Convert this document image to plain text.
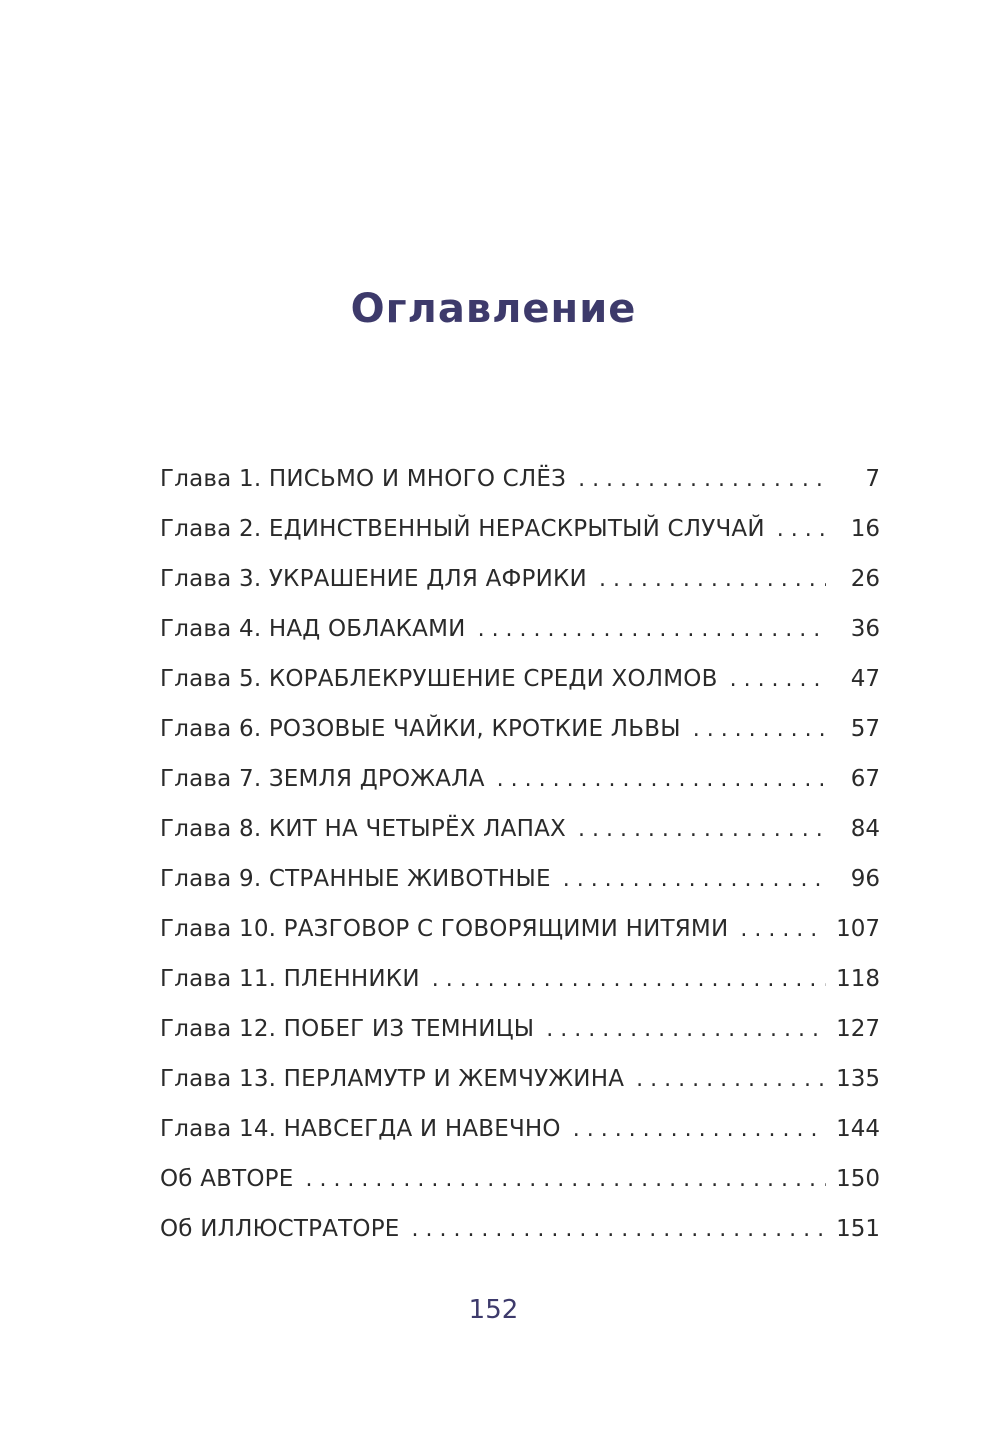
Оглавление
Глава 1. ПИСЬМО И МНОГО СЛЁЗ . . .	7
Глава 2. ЕДИНСТВЕННЫЙ НЕРАСКРЫТЫЙ СЛУЧАЙ . . .	16
Глава 3. УКРАШЕНИЕ ДЛЯ АФРИКИ . . .	26
Глава 4. НАД ОБЛАКАМИ . . .	36
Глава 5. КОРАБЛЕКРУШЕНИЕ СРЕДИ ХОЛМОВ . . .	47
Глава 6. РОЗОВЫЕ ЧАЙКИ, КРОТКИЕ ЛЬВЫ . . .	57
Глава 7. ЗЕМЛЯ ДРОЖАЛА . . .	67
Глава 8. КИТ НА ЧЕТЫРЁХ ЛАПАХ . . .	84
Глава 9. СТРАННЫЕ ЖИВОТНЫЕ . . .	96
Глава 10. РАЗГОВОР С ГОВОРЯЩИМИ НИТЯМИ . . .	107
Глава 11. ПЛЕННИКИ . . .	118
Глава 12. ПОБЕГ ИЗ ТЕМНИЦЫ . . .	127
Глава 13. ПЕРЛАМУТР И ЖЕМЧУЖИНА . . .	135
Глава 14. НАВСЕГДА И НАВЕЧНО . . .	144
Об АВТОРЕ . . .	150
Об ИЛЛЮСТРАТОРЕ . . .	151
152
